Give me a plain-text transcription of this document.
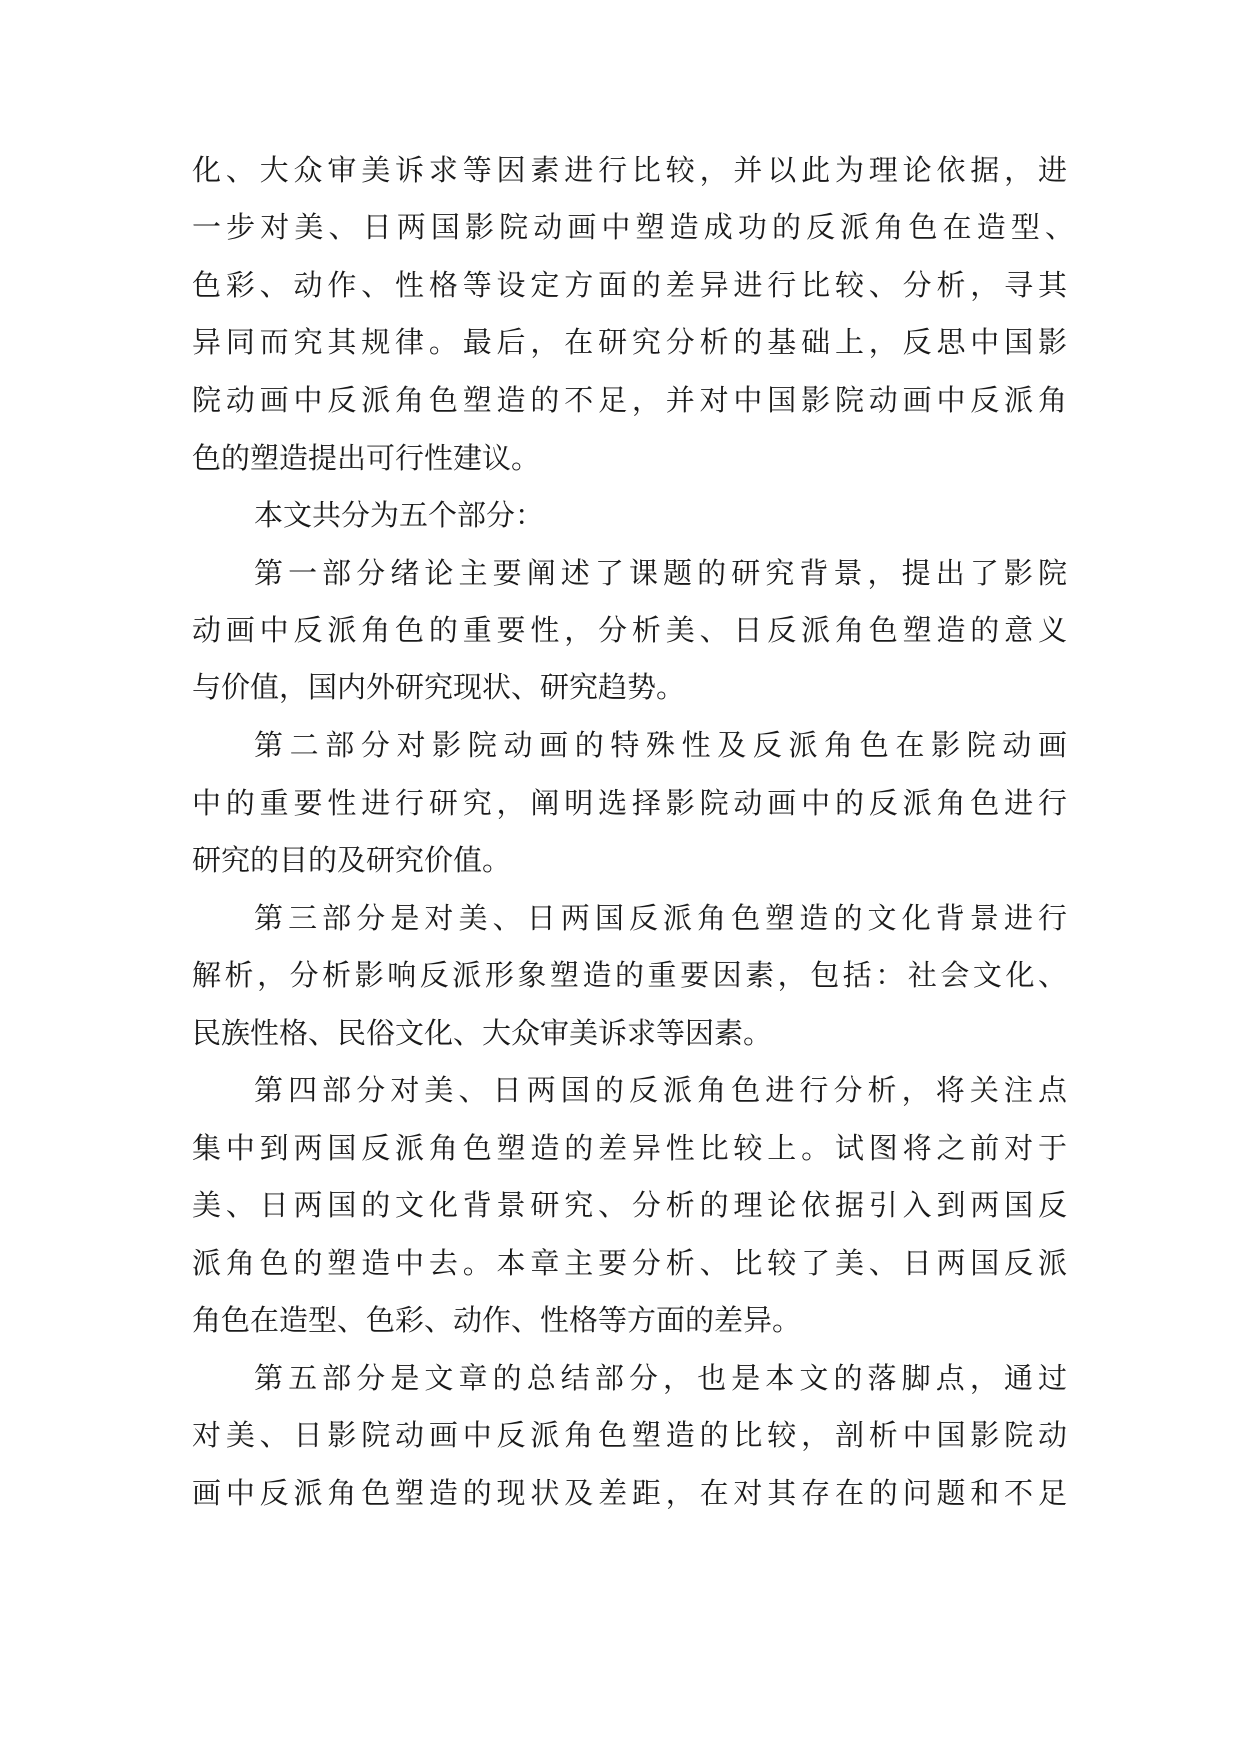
化、大众审美诉求等因素进行比较，并以此为理论依据，进
一步对美、日两国影院动画中塑造成功的反派角色在造型、
色彩、动作、性格等设定方面的差异进行比较、分析，寻其
异同而究其规律。最后，在研究分析的基础上，反思中国影
院动画中反派角色塑造的不足，并对中国影院动画中反派角
色的塑造提出可行性建议。
本文共分为五个部分：
第一部分绪论主要阐述了课题的研究背景，提出了影院
动画中反派角色的重要性，分析美、日反派角色塑造的意义
与价值，国内外研究现状、研究趋势。
第二部分对影院动画的特殊性及反派角色在影院动画
中的重要性进行研究，阐明选择影院动画中的反派角色进行
研究的目的及研究价值。
第三部分是对美、日两国反派角色塑造的文化背景进行
解析，分析影响反派形象塑造的重要因素，包括：社会文化、
民族性格、民俗文化、大众审美诉求等因素。
第四部分对美、日两国的反派角色进行分析，将关注点
集中到两国反派角色塑造的差异性比较上。试图将之前对于
美、日两国的文化背景研究、分析的理论依据引入到两国反
派角色的塑造中去。本章主要分析、比较了美、日两国反派
角色在造型、色彩、动作、性格等方面的差异。
第五部分是文章的总结部分，也是本文的落脚点，通过
对美、日影院动画中反派角色塑造的比较，剖析中国影院动
画中反派角色塑造的现状及差距，在对其存在的问题和不足
